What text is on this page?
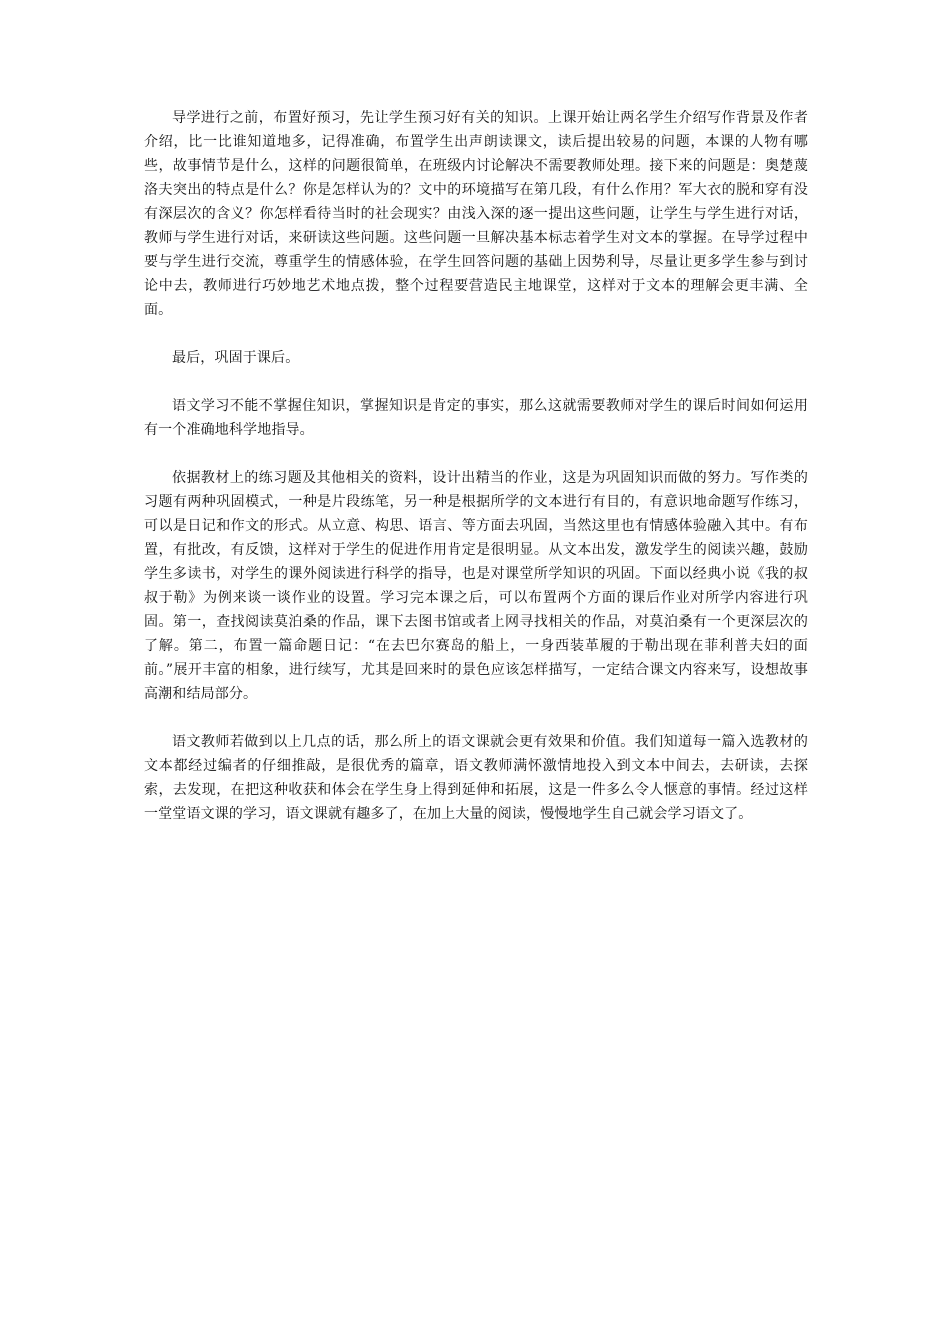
导学进行之前，布置好预习，先让学生预习好有关的知识。上课开始让两名学生介绍写作背景及作者介绍，比一比谁知道地多，记得准确，布置学生出声朗读课文，读后提出较易的问题，本课的人物有哪些，故事情节是什么，这样的问题很简单，在班级内讨论解决不需要教师处理。接下来的问题是：奥楚蔑洛夫突出的特点是什么？你是怎样认为的？文中的环境描写在第几段，有什么作用？军大衣的脱和穿有没有深层次的含义？你怎样看待当时的社会现实？由浅入深的逐一提出这些问题，让学生与学生进行对话，教师与学生进行对话，来研读这些问题。这些问题一旦解决基本标志着学生对文本的掌握。在导学过程中要与学生进行交流，尊重学生的情感体验，在学生回答问题的基础上因势利导，尽量让更多学生参与到讨论中去，教师进行巧妙地艺术地点拨，整个过程要营造民主地课堂，这样对于文本的理解会更丰满、全面。

最后，巩固于课后。

语文学习不能不掌握住知识，掌握知识是肯定的事实，那么这就需要教师对学生的课后时间如何运用有一个准确地科学地指导。

依据教材上的练习题及其他相关的资料，设计出精当的作业，这是为巩固知识而做的努力。写作类的习题有两种巩固模式，一种是片段练笔，另一种是根据所学的文本进行有目的，有意识地命题写作练习，可以是日记和作文的形式。从立意、构思、语言、等方面去巩固，当然这里也有情感体验融入其中。有布置，有批改，有反馈，这样对于学生的促进作用肯定是很明显。从文本出发，激发学生的阅读兴趣，鼓励学生多读书，对学生的课外阅读进行科学的指导，也是对课堂所学知识的巩固。下面以经典小说《我的叔叔于勒》为例来谈一谈作业的设置。学习完本课之后，可以布置两个方面的课后作业对所学内容进行巩固。第一，查找阅读莫泊桑的作品，课下去图书馆或者上网寻找相关的作品，对莫泊桑有一个更深层次的了解。第二，布置一篇命题日记：“在去巴尔赛岛的船上，一身西装革履的于勒出现在菲利普夫妇的面前。”展开丰富的相象，进行续写，尤其是回来时的景色应该怎样描写，一定结合课文内容来写，设想故事高潮和结局部分。

语文教师若做到以上几点的话，那么所上的语文课就会更有效果和价值。我们知道每一篇入选教材的文本都经过编者的仔细推敲，是很优秀的篇章，语文教师满怀激情地投入到文本中间去，去研读，去探索，去发现，在把这种收获和体会在学生身上得到延伸和拓展，这是一件多么令人惬意的事情。经过这样一堂堂语文课的学习，语文课就有趣多了，在加上大量的阅读，慢慢地学生自己就会学习语文了。
